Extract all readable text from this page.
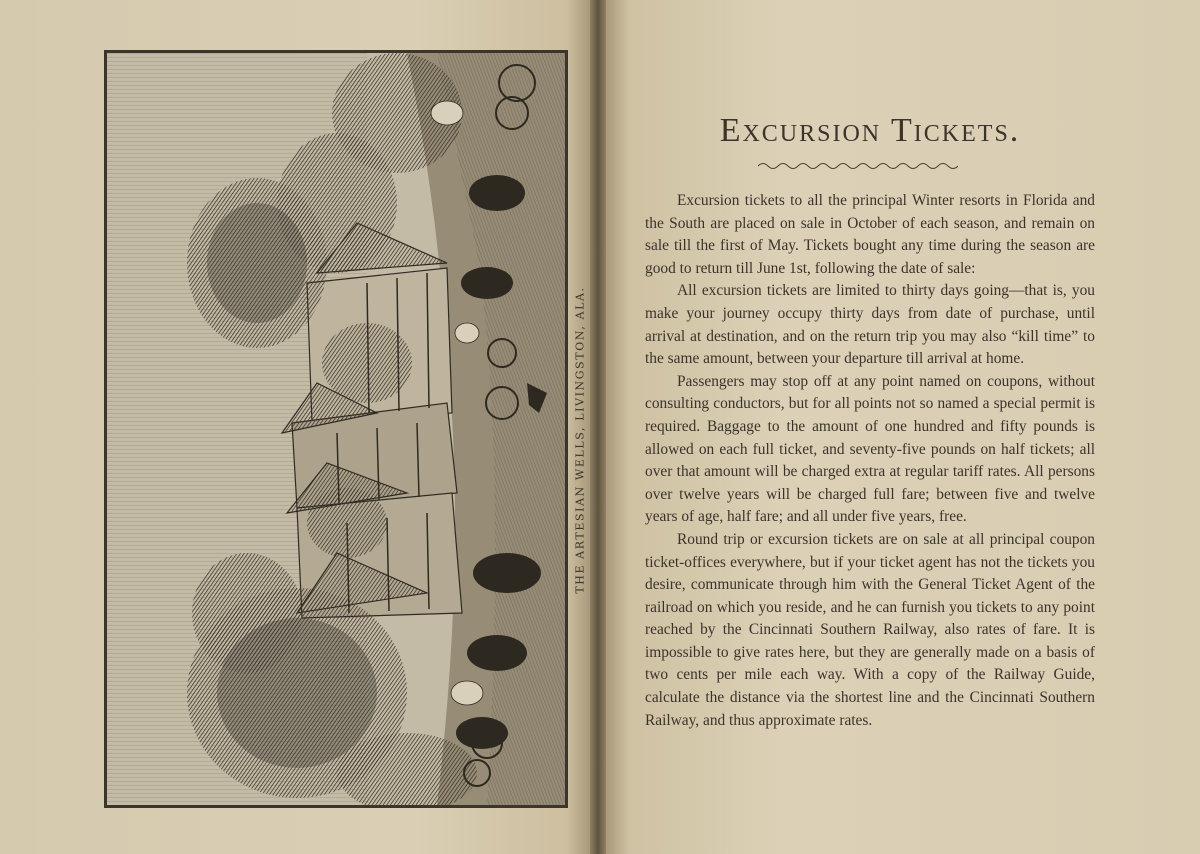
THE ARTESIAN WELLS, LIVINGSTON, ALA.
Excursion Tickets.

Excursion tickets to all the principal Winter resorts in Florida and the South are placed on sale in October of each season, and remain on sale till the first of May. Tickets bought any time during the season are good to return till June 1st, following the date of sale:

All excursion tickets are limited to thirty days going—that is, you make your journey occupy thirty days from date of purchase, until arrival at destination, and on the return trip you may also “kill time” to the same amount, between your departure till arrival at home.

Passengers may stop off at any point named on coupons, without consulting conductors, but for all points not so named a special permit is required. Baggage to the amount of one hundred and fifty pounds is allowed on each full ticket, and seventy-five pounds on half tickets; all over that amount will be charged extra at regular tariff rates. All persons over twelve years will be charged full fare; between five and twelve years of age, half fare; and all under five years, free.

Round trip or excursion tickets are on sale at all principal coupon ticket-offices everywhere, but if your ticket agent has not the tickets you desire, communicate through him with the General Ticket Agent of the railroad on which you reside, and he can furnish you tickets to any point reached by the Cincinnati Southern Railway, also rates of fare. It is impossible to give rates here, but they are generally made on a basis of two cents per mile each way. With a copy of the Railway Guide, calculate the distance via the shortest line and the Cincinnati Southern Railway, and thus approximate rates.
